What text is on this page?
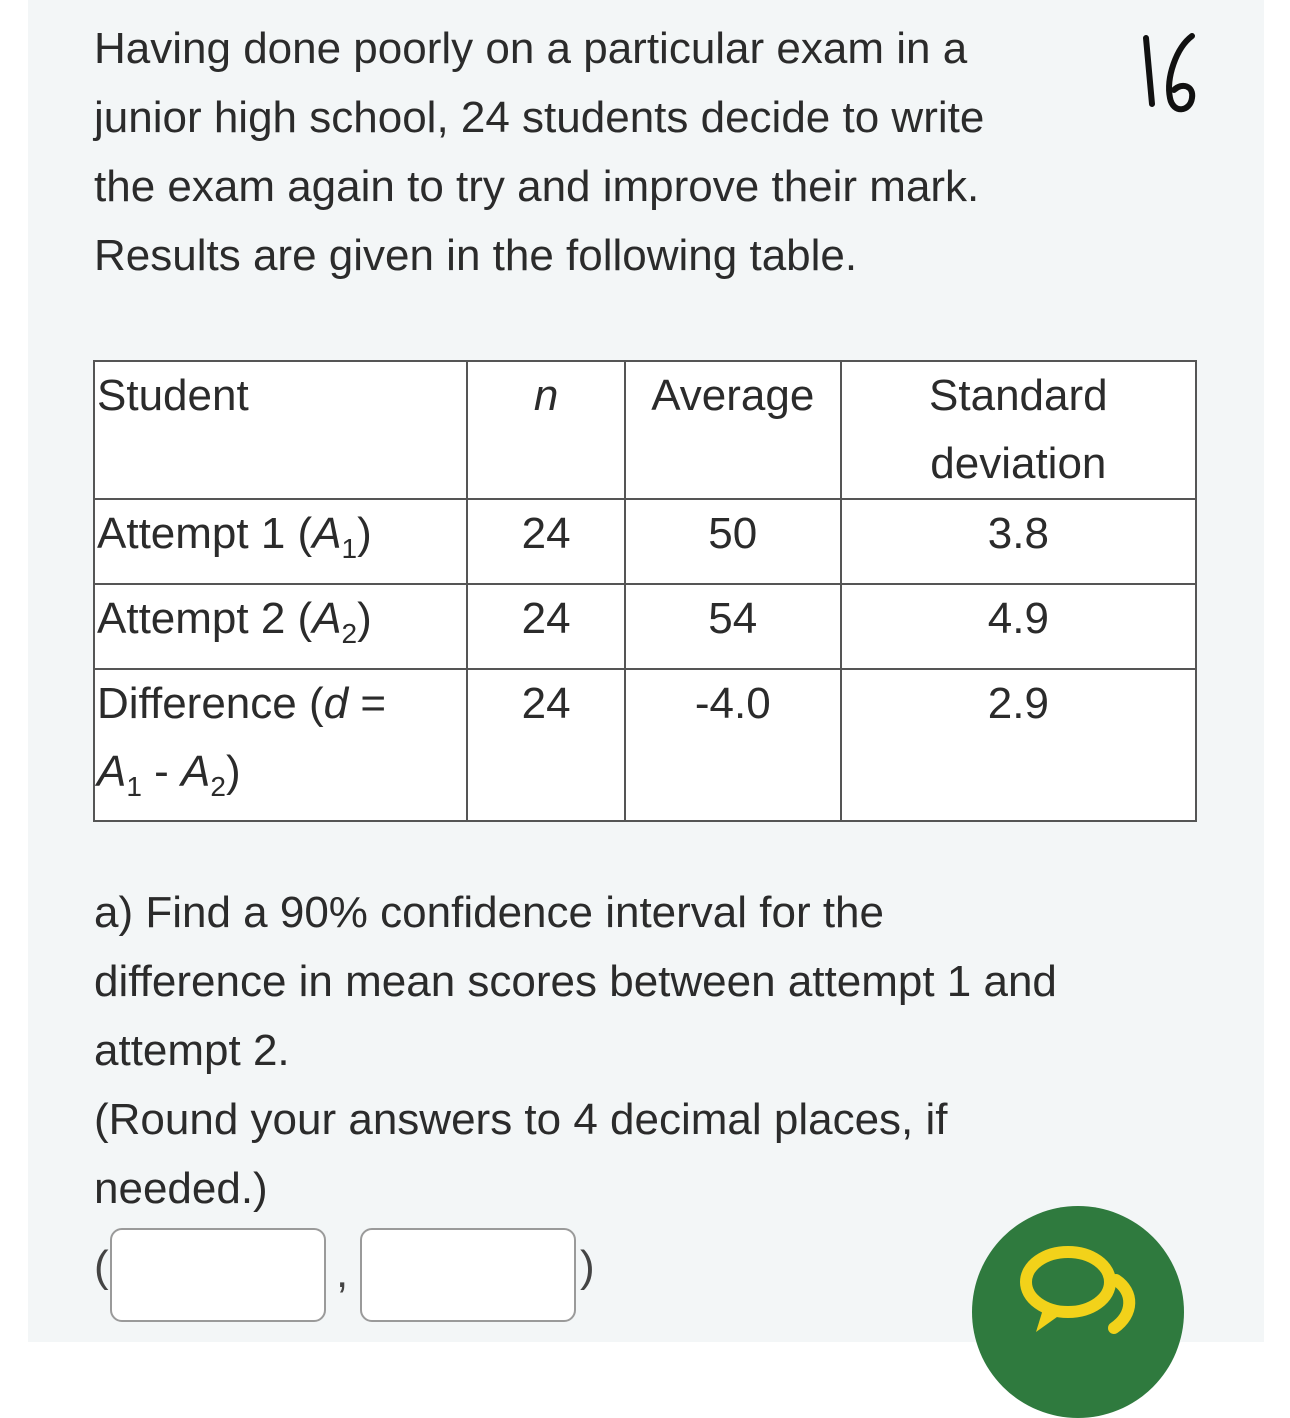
Having done poorly on a particular exam in a
junior high school, 24 students decide to write
the exam again to try and improve their mark.
Results are given in the following table.
Student	n	Average	Standard
deviation

Attempt 1 $(A_1)$	24	50	3.8
Attempt 2 $(A_2)$	24	54	4.9

Difference (d =
$A_1 - A_2$)	24	-4.0	2.9
a) Find a 90% confidence interval for the
difference in mean scores between attempt 1 and
attempt 2.
(Round your answers to 4 decimal places, if
needed.)
(	,	)
